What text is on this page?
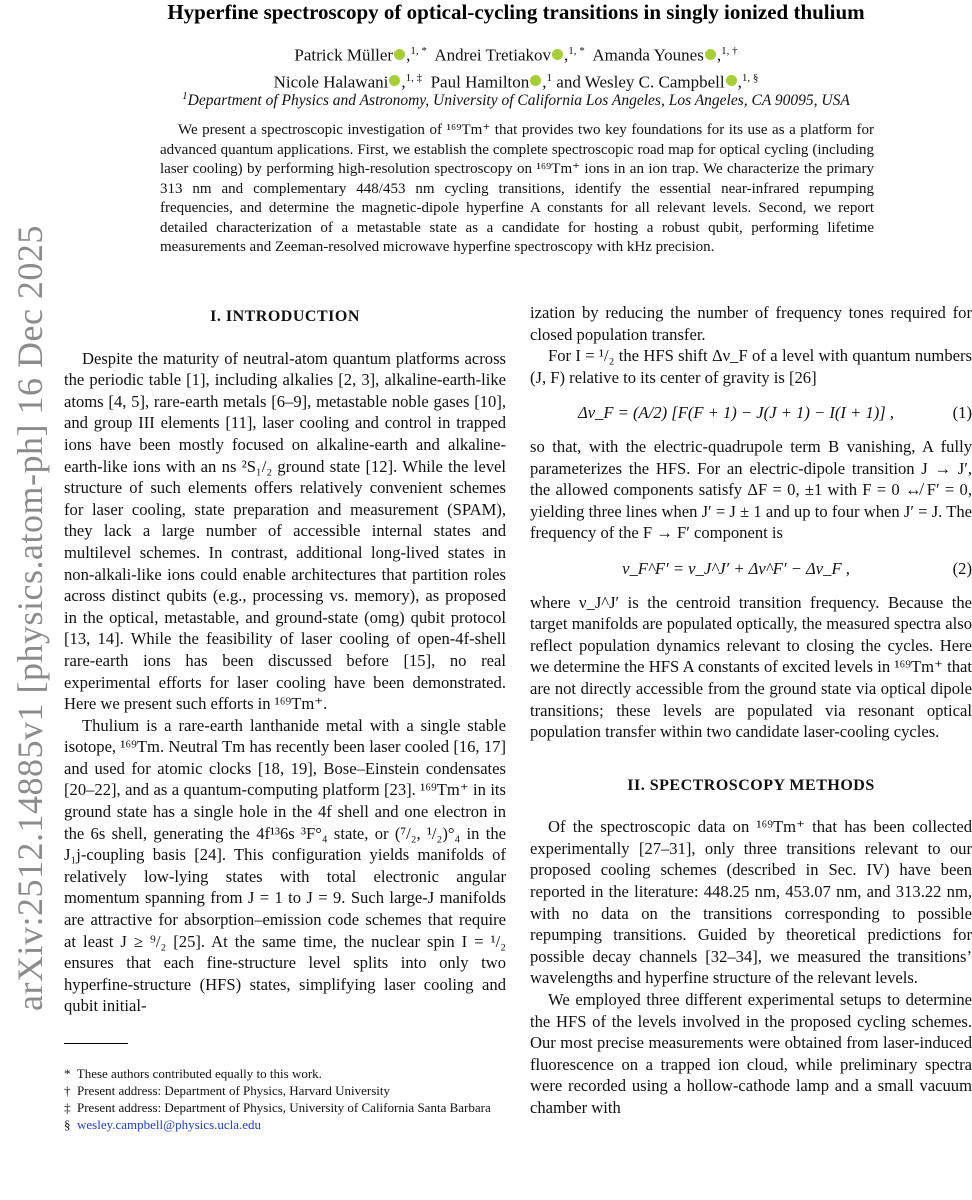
arXiv:2512.14885v1 [physics.atom-ph] 16 Dec 2025
Hyperfine spectroscopy of optical-cycling transitions in singly ionized thulium
Patrick Müller ,$^{1, *}$ Andrei Tretiakov ,$^{1, *}$ Amanda Younes ,$^{1, \dagger}$
Nicole Halawani ,$^{1, \ddagger}$ Paul Hamilton ,$^1$ and Wesley C. Campbell ,$^{1, \S}$
$^1$Department of Physics and Astronomy, University of California Los Angeles, Los Angeles, CA 90095, USA
We present a spectroscopic investigation of ¹⁶⁹Tm⁺ that provides two key foundations for its use as a platform for advanced quantum applications. First, we establish the complete spectroscopic road map for optical cycling (including laser cooling) by performing high-resolution spectroscopy on ¹⁶⁹Tm⁺ ions in an ion trap. We characterize the primary 313 nm and complementary 448/453 nm cycling transitions, identify the essential near-infrared repumping frequencies, and determine the magnetic-dipole hyperfine A constants for all relevant levels. Second, we report detailed characterization of a metastable state as a candidate for hosting a robust qubit, performing lifetime measurements and Zeeman-resolved microwave hyperfine spectroscopy with kHz precision.
I. INTRODUCTION

Despite the maturity of neutral-atom quantum platforms across the periodic table [1], including alkalies [2, 3], alkaline-earth-like atoms [4, 5], rare-earth metals [6–9], metastable noble gases [10], and group III elements [11], laser cooling and control in trapped ions have been mostly focused on alkaline-earth and alkaline-earth-like ions with an ns ²S₁/₂ ground state [12]. While the level structure of such elements offers relatively convenient schemes for laser cooling, state preparation and measurement (SPAM), they lack a large number of accessible internal states and multilevel schemes. In contrast, additional long-lived states in non-alkali-like ions could enable architectures that partition roles across distinct qubits (e.g., processing vs. memory), as proposed in the optical, metastable, and ground-state (omg) qubit protocol [13, 14]. While the feasibility of laser cooling of open-4f-shell rare-earth ions has been discussed before [15], no real experimental efforts for laser cooling have been demonstrated. Here we present such efforts in ¹⁶⁹Tm⁺.

Thulium is a rare-earth lanthanide metal with a single stable isotope, ¹⁶⁹Tm. Neutral Tm has recently been laser cooled [16, 17] and used for atomic clocks [18, 19], Bose–Einstein condensates [20–22], and as a quantum-computing platform [23]. ¹⁶⁹Tm⁺ in its ground state has a single hole in the 4f shell and one electron in the 6s shell, generating the 4f¹³6s ³F°₄ state, or (⁷/₂, ¹/₂)°₄ in the J₁j-coupling basis [24]. This configuration yields manifolds of relatively low-lying states with total electronic angular momentum spanning from J = 1 to J = 9. Such large-J manifolds are attractive for absorption–emission code schemes that require at least J ≥ ⁹/₂ [25]. At the same time, the nuclear spin I = ¹/₂ ensures that each fine-structure level splits into only two hyperfine-structure (HFS) states, simplifying laser cooling and qubit initial-

* These authors contributed equally to this work.
† Present address: Department of Physics, Harvard University
‡ Present address: Department of Physics, University of California Santa Barbara
§ wesley.campbell@physics.ucla.edu

ization by reducing the number of frequency tones required for closed population transfer.

For I = ¹/₂ the HFS shift Δν_F of a level with quantum numbers (J, F) relative to its center of gravity is [26]

Δν_F = (A/2) [F(F + 1) − J(J + 1) − I(I + 1)] ,	(1)

so that, with the electric-quadrupole term B vanishing, A fully parameterizes the HFS. For an electric-dipole transition J → J′, the allowed components satisfy ΔF = 0, ±1 with F = 0 ↮ F′ = 0, yielding three lines when J′ = J ± 1 and up to four when J′ = J. The frequency of the F → F′ component is

ν_F^F′ = ν_J^J′ + Δν^F′ − Δν_F ,	(2)

where ν_J^J′ is the centroid transition frequency. Because the target manifolds are populated optically, the measured spectra also reflect population dynamics relevant to closing the cycles. Here we determine the HFS A constants of excited levels in ¹⁶⁹Tm⁺ that are not directly accessible from the ground state via optical dipole transitions; these levels are populated via resonant optical population transfer within two candidate laser-cooling cycles.

II. SPECTROSCOPY METHODS

Of the spectroscopic data on ¹⁶⁹Tm⁺ that has been collected experimentally [27–31], only three transitions relevant to our proposed cooling schemes (described in Sec. IV) have been reported in the literature: 448.25 nm, 453.07 nm, and 313.22 nm, with no data on the transitions corresponding to possible repumping transitions. Guided by theoretical predictions for possible decay channels [32–34], we measured the transitions’ wavelengths and hyperfine structure of the relevant levels.

We employed three different experimental setups to determine the HFS of the levels involved in the proposed cycling schemes. Our most precise measurements were obtained from laser-induced fluorescence on a trapped ion cloud, while preliminary spectra were recorded using a hollow-cathode lamp and a small vacuum chamber with
